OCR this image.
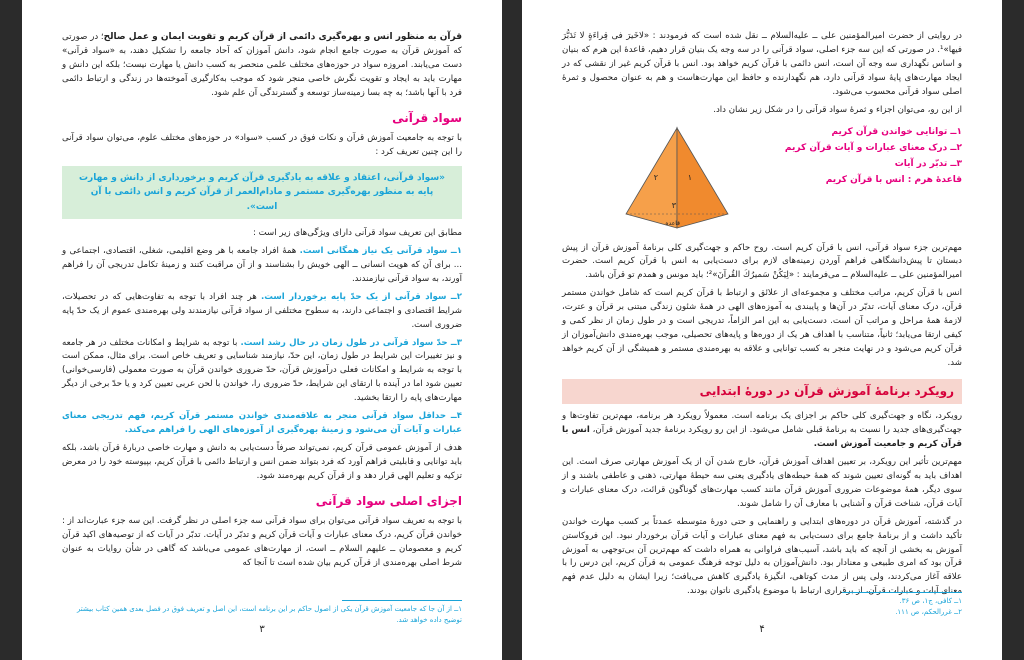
قرآن به منظور انس و بهره‌گیری دائمی از قرآن کریم و تقویت ایمان و عمل صالح؛ در صورتی که آموزش قرآن به صورت جامع انجام شود، دانش آموزان که آحاد جامعه را تشکیل دهند، به «سواد قرآنی» دست می‌یابند. امروزه سواد در حوزه‌های مختلف علمی منحصر به کسب دانش یا مهارت نیست؛ بلکه این دانش و مهارت باید به ایجاد و تقویت نگرش خاصی منجر شود که موجب به‌کارگیری آموخته‌ها در زندگی و ارتباط دائمی فرد با آنها باشد؛ به چه بسا زمینه‌ساز توسعه و گسترندگی آن علم شود.

سواد قرآنی

با توجه به جامعیت آموزش قرآن و نکات فوق در کسب «سواد» در حوزه‌های مختلف علوم، می‌توان سواد قرآنی را این چنین تعریف کرد :

«سواد قرآنی، اعتقاد و علاقه به یادگیری قرآن کریم و برخورداری از دانش و مهارت پایه به منظور بهره‌گیری مستمر و مادام‌العمر از قرآن کریم و انس دائمی با آن است».

مطابق این تعریف سواد قرآنی دارای ویژگی‌های زیر است :

۱ــ سواد قرآنی یک نیاز همگانی است. همهٔ افراد جامعه با هر وضع اقلیمی، شغلی، اقتصادی، اجتماعی و ... برای آن که هویت انسانی ــ الهی خویش را بشناسند و از آن مراقبت کنند و زمینهٔ تکامل تدریجی آن را فراهم آورند، به سواد قرآنی نیازمندند.

۲ــ سواد قرآنی از یک حدّ پایه برخوردار است. هر چند افراد با توجه به تفاوت‌هایی که در تحصیلات، شرایط اقتصادی و اجتماعی دارند، به سطوح مختلفی از سواد قرآنی نیازمندند ولی بهره‌مندی عموم از یک حدّ پایه ضروری است.

۳ــ حدّ سواد قرآنی در طول زمان در حال رشد است. با توجه به شرایط و امکانات مختلف در هر جامعه و نیز تغییرات این شرایط در طول زمان، این حدّ، نیازمند شناسایی و تعریف خاص است. برای مثال، ممکن است با توجه به شرایط و امکانات فعلی درآموزش قرآن، حدّ ضروری خواندن قرآن به صورت معمولی (فارسی‌خوانی) تعیین شود اما در آینده با ارتقای این شرایط، حدّ ضروری را، خواندن با لحن عربی تعیین کرد و یا حدّ برخی از دیگر مهارت‌های پایه را ارتقا بخشید.

۴ــ حداقل سواد قرآنی منجر به علاقه‌مندی خواندن مستمر قرآن کریم، فهم تدریجی معنای عبارات و آیات آن می‌شود و زمینهٔ بهره‌گیری از آموزه‌های الهی را فراهم می‌کند.

هدف از آموزش عمومی قرآن کریم، نمی‌تواند صرفاً دست‌یابی به دانش و مهارت خاصی دربارهٔ قرآن باشد، بلکه باید توانایی و قابلیتی فراهم آورد که فرد بتواند ضمن انس و ارتباط دائمی با قرآن کریم، بپیوسته خود را در معرض تزکیه و تعلیم الهی قرار دهد و از قرآن کریم بهره‌مند شود.

اجزای اصلی سواد قرآنی

با توجه به تعریف سواد قرآنی می‌توان برای سواد قرآنی سه جزء اصلی در نظر گرفت. این سه جزء عبارت‌اند از : خواندن قرآن کریم، درک معنای عبارات و آیات قرآن کریم و تدبّر در آیات. تدبّر در آیات که از توصیه‌های اکید قرآن کریم و معصومان ــ علیهم السلام ــ است، از مهارت‌های عمومی می‌باشد که گاهی در شأن روایات به عنوان شرط اصلی بهره‌مندی از قرآن کریم بیان شده است تا آنجا که

۱ــ از آن جا که جامعیت آموزش قرآن یکی از اصول حاکم بر این برنامه است، این اصل و تعریف فوق در فصل بعدی همین کتاب بیشتر توضیح داده خواهد شد.
۳

در روایتی از حضرت امیرالمؤمنین علی ــ علیه‌السلام ــ نقل شده است که فرمودند : «لاخَیرَ فی قِراءَةٍ لا تَدَبُّرَ فیها»¹. در صورتی که این سه جزء اصلی، سواد قرآنی را در سه وجه یک بنیان قرار دهیم، قاعدهٔ این هرم که بنیان و اساس نگهداری سه وجه آن است، انس دائمی با قرآن کریم خواهد بود. انس با قرآن کریم غیر از نقشی که در ایجاد مهارت‌های پایهٔ سواد قرآنی دارد، هم نگهدارنده و حافظ این مهارت‌هاست و هم به عنوان محصول و ثمرهٔ اصلی سواد قرآنی محسوب می‌شود.

از این رو، می‌توان اجزاء و ثمرهٔ سواد قرآنی را در شکل زیر نشان داد.

۱ــ توانایی خواندن قرآن کریم
۲ــ درک معنای عبارات و آیات قرآن کریم
۳ــ تدبّر در آیات
قاعدهٔ هرم : انس با قرآن کریم
۲	۱
۳
قاعده

مهم‌ترین جزء سواد قرآنی، انس با قرآن کریم است. روح حاکم و جهت‌گیری کلی برنامهٔ آموزش قرآن از پیش دبستان تا پیش‌دانشگاهی فراهم آوردن زمینه‌های لازم برای دست‌یابی به انس با قرآن کریم است. حضرت امیرالمؤمنین علی ــ علیه‌السلام ــ می‌فرمایند : «لِيَكُنْ سَميرُكَ القُرآنَ»²؛ باید مونس و همدم تو قرآن باشد.

انس با قرآن کریم، مراتب مختلف و مجموعه‌ای از علائق و ارتباط با قرآن کریم است که شامل خواندن مستمر قرآن، درک معنای آیات، تدبّر در آن‌ها و پایبندی به آموزه‌های الهی در همهٔ شئون زندگی مبتنی بر قرآن و عترت، لازمهٔ همهٔ مراحل و مراتب آن است. دست‌یابی به این امر الزاماً، تدریجی است و در طول زمان از نظر کمی و کیفی ارتقا می‌یابد؛ ثانیاً، متناسب با اهداف هر یک از دوره‌ها و پایه‌های تحصیلی، موجب بهره‌مندی دانش‌آموزان از قرآن کریم می‌شود و در نهایت منجر به کسب توانایی و علاقه به بهره‌مندی مستمر و همیشگی از آن کریم خواهد شد.

رویکرد برنامهٔ آموزش قرآن در دورهٔ ابتدایی

رویکرد، نگاه و جهت‌گیری کلی حاکم بر اجزای یک برنامه است. معمولاً رویکرد هر برنامه، مهم‌ترین تفاوت‌ها و جهت‌گیری‌های جدید را نسبت به برنامهٔ قبلی شامل می‌شود. از این رو رویکرد برنامهٔ جدید آموزش قرآن، انس با قرآن کریم و جامعیت آموزش است.

مهم‌ترین تأثیر این رویکرد، بر تعیین اهداف آموزش قرآن، خارج شدن آن از یک آموزش مهارتی صرف است. این اهداف باید به گونه‌ای تعیین شوند که همهٔ حیطه‌های یادگیری یعنی سه حیطهٔ مهارتی، ذهنی و عاطفی باشند و از سوی دیگر، همهٔ موضوعات ضروری آموزش قرآن مانند کسب مهارت‌های گوناگون قرائت، درک معنای عبارات و آیات قرآن، شناخت قرآن و آشنایی با معارف آن را شامل شوند.

در گذشته، آموزش قرآن در دوره‌های ابتدایی و راهنمایی و حتی دورهٔ متوسطه عمدتاً بر کسب مهارت خواندن تأکید داشت و از برنامهٔ جامع برای دست‌یابی به فهم معنای عبارات و آیات قرآن برخوردار نبود. این فروکاستن آموزش به بخشی از آنچه که باید باشد، آسیب‌های فراوانی به همراه داشت که مهم‌ترین آن بی‌توجهی به آموزش قرآن بود که امری طبیعی و معنادار بود. دانش‌آموزان به دلیل توجه فرهنگ عمومی به قرآن کریم، این درس را با علاقه آغاز می‌کردند، ولی پس از مدت کوتاهی، انگیزهٔ یادگیری کاهش می‌یافت؛ زیرا ایشان به دلیل عدم فهم معنای آیات و عبارات قرآن، از برقراری ارتباط با موضوع یادگیری ناتوان بودند.

۱ــ کافی، ج۱، ص ۳۶.
۲ــ غررالحکم، ص ۱۱۱.
۴
